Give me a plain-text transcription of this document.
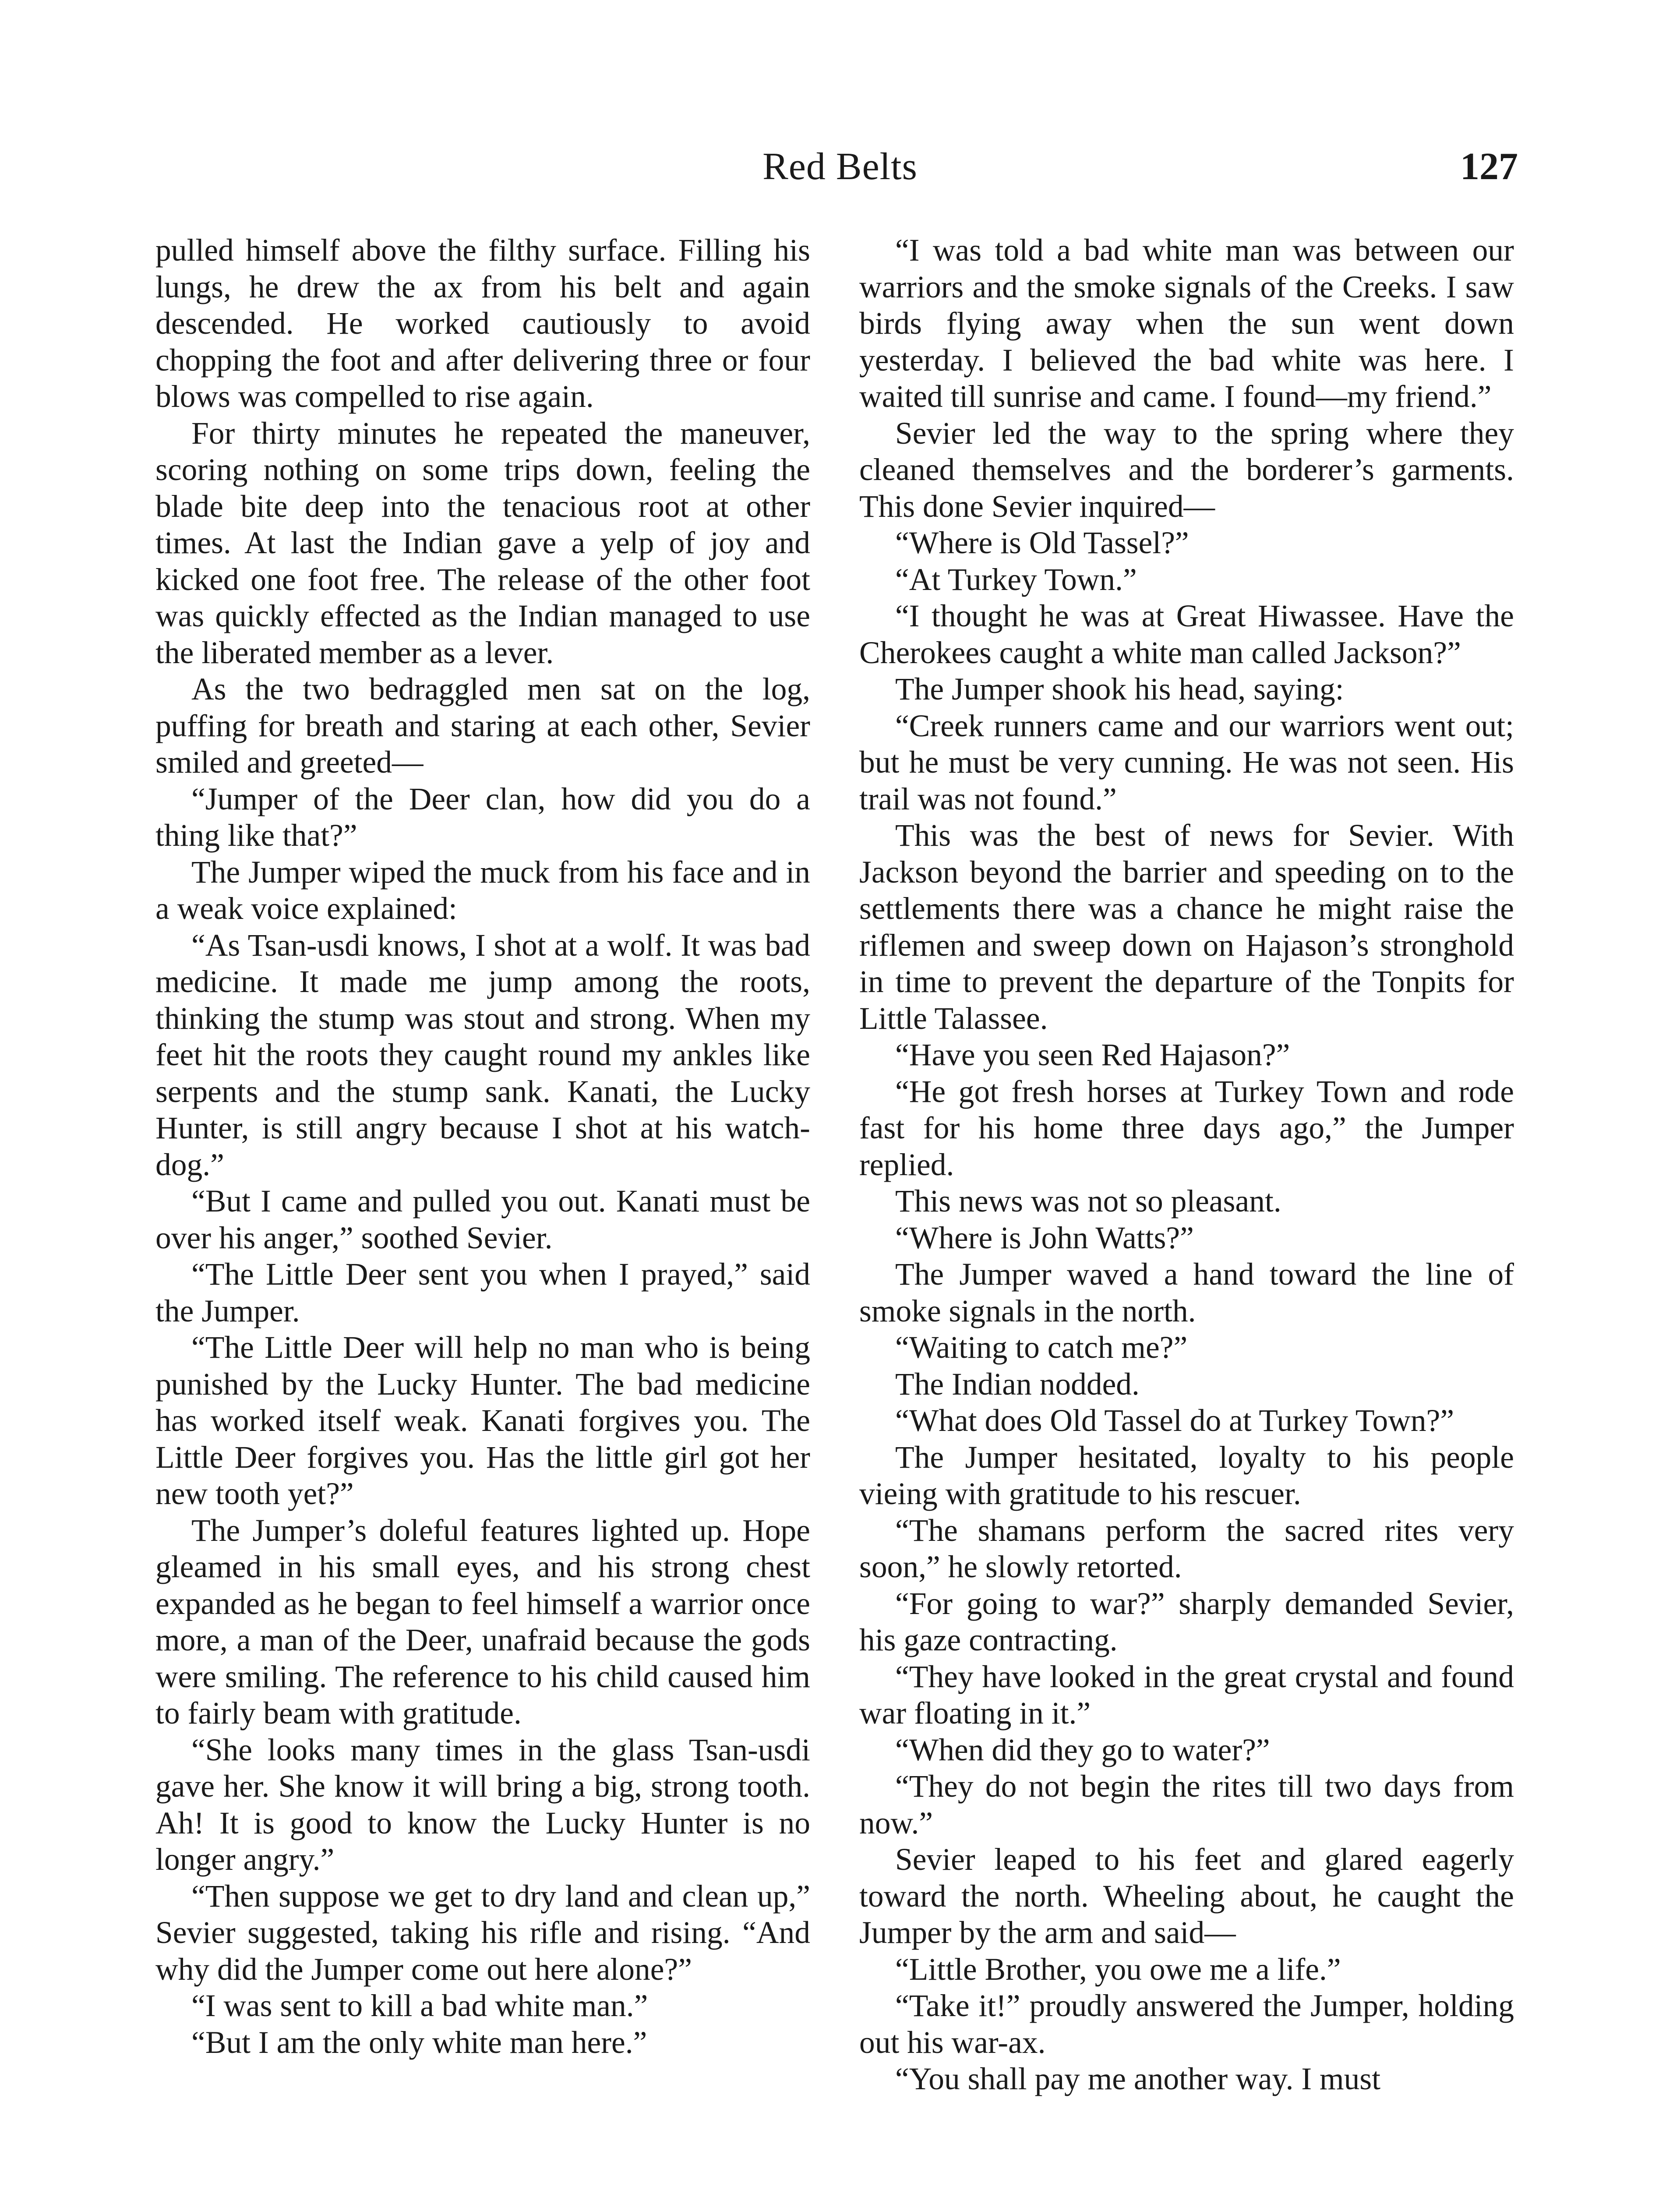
Red Belts	127

pulled himself above the filthy surface. Filling his lungs, he drew the ax from his belt and again descended. He worked cautiously to avoid chopping the foot and after delivering three or four blows was compelled to rise again.

For thirty minutes he repeated the maneuver, scoring nothing on some trips down, feeling the blade bite deep into the tenacious root at other times. At last the Indian gave a yelp of joy and kicked one foot free. The release of the other foot was quickly effected as the Indian managed to use the liberated member as a lever.

As the two bedraggled men sat on the log, puffing for breath and staring at each other, Sevier smiled and greeted—

“Jumper of the Deer clan, how did you do a thing like that?”

The Jumper wiped the muck from his face and in a weak voice explained:

“As Tsan-usdi knows, I shot at a wolf. It was bad medicine. It made me jump among the roots, thinking the stump was stout and strong. When my feet hit the roots they caught round my ankles like serpents and the stump sank. Kanati, the Lucky Hunter, is still angry because I shot at his watch-dog.”

“But I came and pulled you out. Kanati must be over his anger,” soothed Sevier.

“The Little Deer sent you when I prayed,” said the Jumper.

“The Little Deer will help no man who is being punished by the Lucky Hunter. The bad medicine has worked itself weak. Kanati forgives you. The Little Deer forgives you. Has the little girl got her new tooth yet?”

The Jumper’s doleful features lighted up. Hope gleamed in his small eyes, and his strong chest expanded as he began to feel himself a warrior once more, a man of the Deer, unafraid because the gods were smiling. The reference to his child caused him to fairly beam with gratitude.

“She looks many times in the glass Tsan-usdi gave her. She know it will bring a big, strong tooth. Ah! It is good to know the Lucky Hunter is no longer angry.”

“Then suppose we get to dry land and clean up,” Sevier suggested, taking his rifle and rising. “And why did the Jumper come out here alone?”

“I was sent to kill a bad white man.”

“But I am the only white man here.”

“I was told a bad white man was between our warriors and the smoke signals of the Creeks. I saw birds flying away when the sun went down yesterday. I believed the bad white was here. I waited till sunrise and came. I found—my friend.”

Sevier led the way to the spring where they cleaned themselves and the borderer’s garments. This done Sevier inquired—

“Where is Old Tassel?”

“At Turkey Town.”

“I thought he was at Great Hiwassee. Have the Cherokees caught a white man called Jackson?”

The Jumper shook his head, saying:

“Creek runners came and our warriors went out; but he must be very cunning. He was not seen. His trail was not found.”

This was the best of news for Sevier. With Jackson beyond the barrier and speeding on to the settlements there was a chance he might raise the riflemen and sweep down on Hajason’s stronghold in time to prevent the departure of the Tonpits for Little Talassee.

“Have you seen Red Hajason?”

“He got fresh horses at Turkey Town and rode fast for his home three days ago,” the Jumper replied.

This news was not so pleasant.

“Where is John Watts?”

The Jumper waved a hand toward the line of smoke signals in the north.

“Waiting to catch me?”

The Indian nodded.

“What does Old Tassel do at Turkey Town?”

The Jumper hesitated, loyalty to his people vieing with gratitude to his rescuer.

“The shamans perform the sacred rites very soon,” he slowly retorted.

“For going to war?” sharply demanded Sevier, his gaze contracting.

“They have looked in the great crystal and found war floating in it.”

“When did they go to water?”

“They do not begin the rites till two days from now.”

Sevier leaped to his feet and glared eagerly toward the north. Wheeling about, he caught the Jumper by the arm and said—

“Little Brother, you owe me a life.”

“Take it!” proudly answered the Jumper, holding out his war-ax.

“You shall pay me another way. I must
